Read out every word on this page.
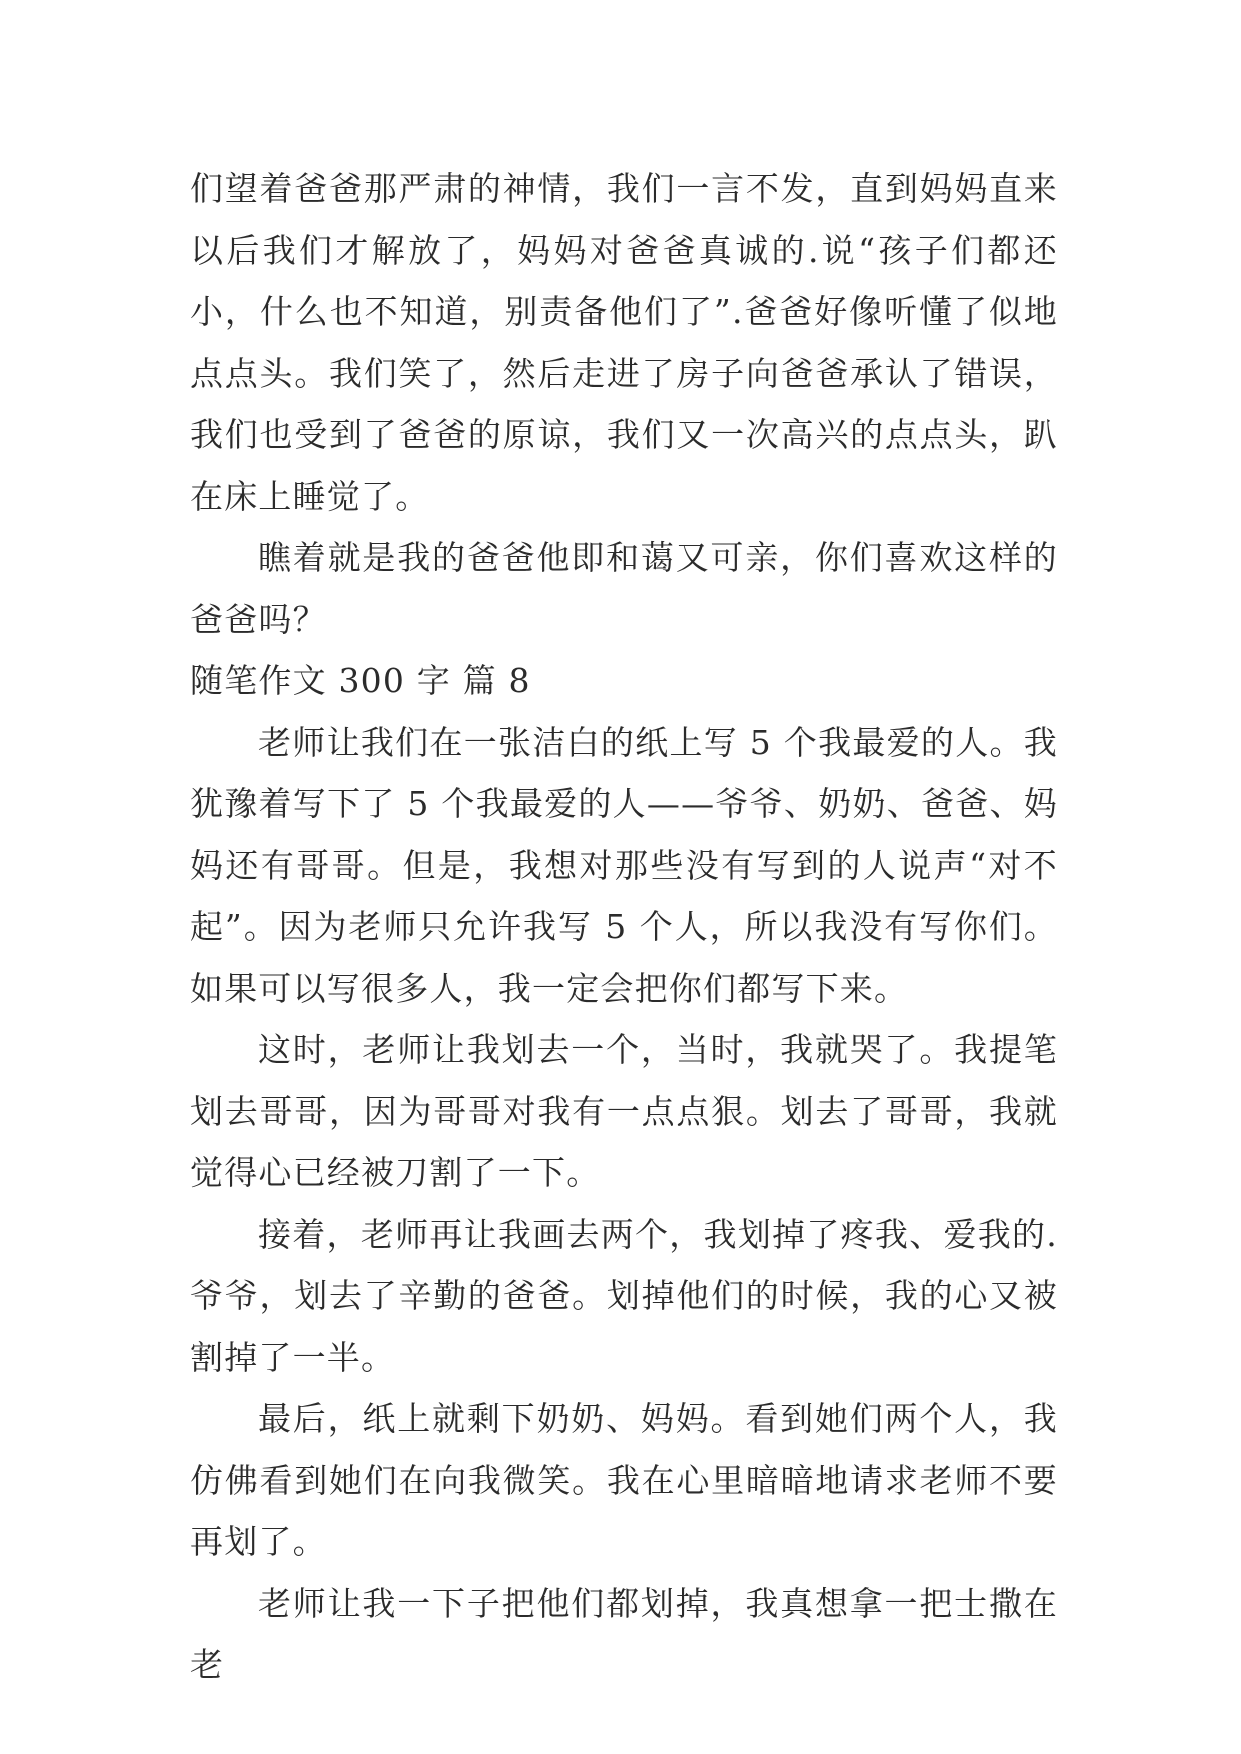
们望着爸爸那严肃的神情，我们一言不发，直到妈妈直来以后我们才解放了，妈妈对爸爸真诚的.说“孩子们都还小，什么也不知道，别责备他们了”.爸爸好像听懂了似地点点头。我们笑了，然后走进了房子向爸爸承认了错误，我们也受到了爸爸的原谅，我们又一次高兴的点点头，趴在床上睡觉了。

瞧着就是我的爸爸他即和蔼又可亲，你们喜欢这样的爸爸吗？

随笔作文 300 字 篇 8

老师让我们在一张洁白的纸上写 5 个我最爱的人。我犹豫着写下了 5 个我最爱的人——爷爷、奶奶、爸爸、妈妈还有哥哥。但是，我想对那些没有写到的人说声“对不起”。因为老师只允许我写 5 个人，所以我没有写你们。如果可以写很多人，我一定会把你们都写下来。

这时，老师让我划去一个，当时，我就哭了。我提笔划去哥哥，因为哥哥对我有一点点狠。划去了哥哥，我就觉得心已经被刀割了一下。

接着，老师再让我画去两个，我划掉了疼我、爱我的.爷爷，划去了辛勤的爸爸。划掉他们的时候，我的心又被割掉了一半。

最后，纸上就剩下奶奶、妈妈。看到她们两个人，我仿佛看到她们在向我微笑。我在心里暗暗地请求老师不要再划了。

老师让我一下子把他们都划掉，我真想拿一把士撒在老
